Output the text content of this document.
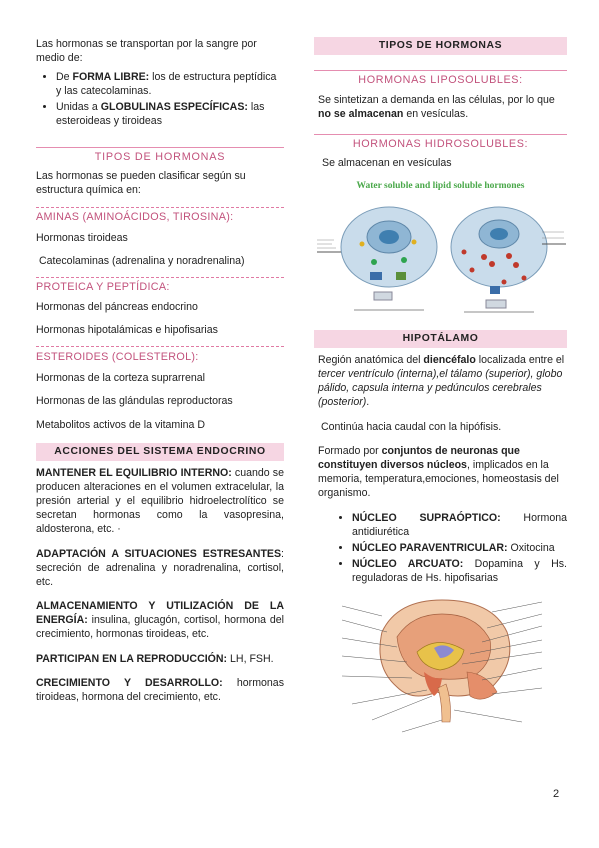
Las hormonas se transportan por la sangre por medio de:

• De FORMA LIBRE: los de estructura peptídica y las catecolaminas.
• Unidas a GLOBULINAS ESPECÍFICAS: las esteroideas y tiroideas
TIPOS DE HORMONAS
Las hormonas se pueden clasificar según su estructura química en:
AMINAS (AMINOÁCIDOS, TIROSINA):
Hormonas tiroideas
Catecolaminas (adrenalina y noradrenalina)
PROTEICA Y PEPTÍDICA:
Hormonas del páncreas endocrino
Hormonas hipotalámicas e hipofisarias
ESTEROIDES (COLESTEROL):
Hormonas de la corteza suprarrenal
Hormonas de las glándulas reproductoras
Metabolitos activos de la vitamina D
ACCIONES DEL SISTEMA ENDOCRINO
MANTENER EL EQUILIBRIO INTERNO: cuando se producen alteraciones en el volumen extracelular, la presión arterial y el equilibrio hidroelectrolítico se secretan hormonas como la vasopresina, aldosterona, etc. ·
ADAPTACIÓN A SITUACIONES ESTRESANTES: secreción de adrenalina y noradrenalina, cortisol, etc.
ALMACENAMIENTO Y UTILIZACIÓN DE LA ENERGÍA: insulina, glucagón, cortisol, hormona del crecimiento, hormonas tiroideas, etc.
PARTICIPAN EN LA REPRODUCCIÓN: LH, FSH.
CRECIMIENTO Y DESARROLLO: hormonas tiroideas, hormona del crecimiento, etc.
TIPOS DE HORMONAS
HORMONAS LIPOSOLUBLES:
Se sintetizan a demanda en las células, por lo que no se almacenan en vesículas.
HORMONAS HIDROSOLUBLES:
Se almacenan en vesículas
Water soluble and lipid soluble hormones
HIPOTÁLAMO
Región anatómica del diencéfalo localizada entre el tercer ventrículo (interna),el tálamo (superior), globo pálido, capsula interna y pedúnculos cerebrales (posterior).
Continúa hacia caudal con la hipófisis.
Formado por conjuntos de neuronas que constituyen diversos núcleos, implicados en la memoria, temperatura,emociones, homeostasis del organismo.
• NÚCLEO SUPRAÓPTICO: Hormona antidiurética
• NÚCLEO PARAVENTRICULAR: Oxitocina
• NÚCLEO ARCUATO: Dopamina y Hs. reguladoras de Hs. hipofisarias
2
